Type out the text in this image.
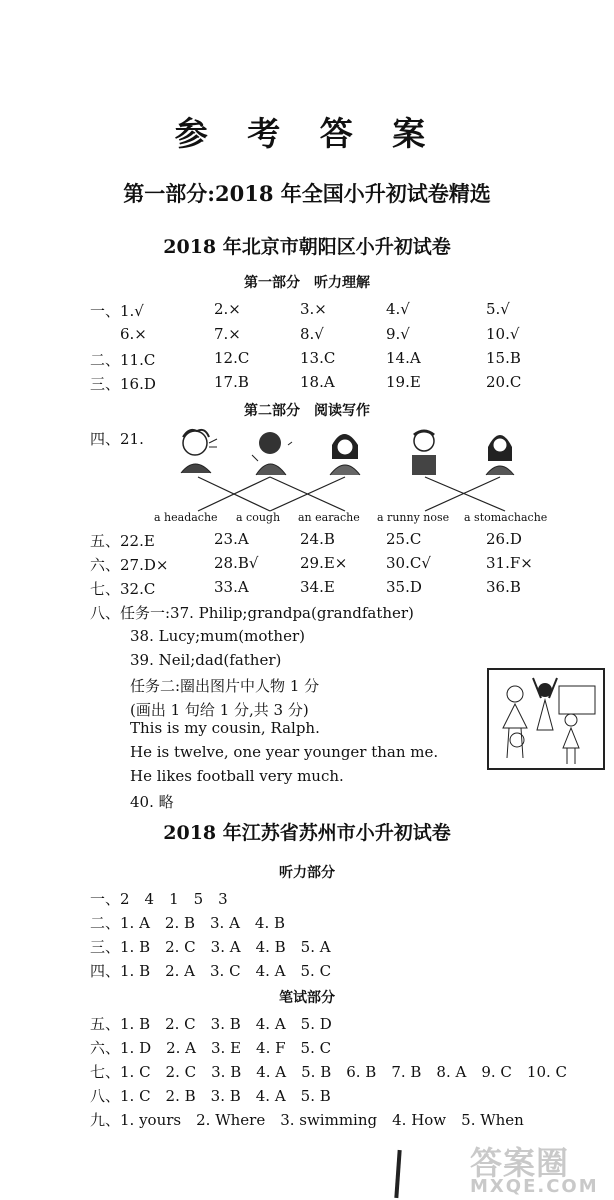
参 考 答 案
第一部分:2018 年全国小升初试卷精选
2018 年北京市朝阳区小升初试卷
第一部分　听力理解
一、1.√	2.×	3.×	4.√	5.√
6.×	7.×	8.√	9.√	10.√
二、11.C	12.C	13.C	14.A	15.B
三、16.D	17.B	18.A	19.E	20.C
第二部分　阅读写作
四、21.
a headache a cough an earache a runny nose a stomachache
五、22.E	23.A	24.B	25.C	26.D
六、27.D×	28.B√	29.E×	30.C√	31.F×
七、32.C	33.A	34.E	35.D	36.B
八、任务一:37. Philip;grandpa(grandfather)
38. Lucy;mum(mother)
39. Neil;dad(father)
任务二:圈出图片中人物 1 分
(画出 1 句给 1 分,共 3 分)
This is my cousin, Ralph.
He is twelve, one year younger than me.
He likes football very much.
40. 略
2018 年江苏省苏州市小升初试卷
听力部分
一、2　4　1　5　3
二、1. A　2. B　3. A　4. B
三、1. B　2. C　3. A　4. B　5. A
四、1. B　2. A　3. C　4. A　5. C
笔试部分
五、1. B　2. C　3. B　4. A　5. D
六、1. D　2. A　3. E　4. F　5. C
七、1. C　2. C　3. B　4. A　5. B　6. B　7. B　8. A　9. C　10. C
八、1. C　2. B　3. B　4. A　5. B
九、1. yours　2. Where　3. swimming　4. How　5. When
答案圈
MXQE.COM
